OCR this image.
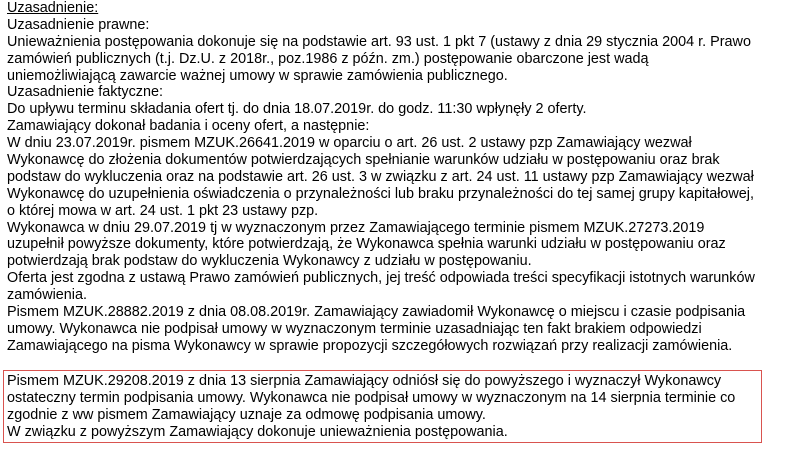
Uzasadnienie:
Uzasadnienie prawne:
Unieważnienia postępowania dokonuje się na podstawie art. 93 ust. 1 pkt 7 (ustawy z dnia 29 stycznia 2004 r. Prawo
zamówień publicznych (t.j. Dz.U. z 2018r., poz.1986 z późn. zm.) postępowanie obarczone jest wadą
uniemożliwiającą zawarcie ważnej umowy w sprawie zamówienia publicznego.
Uzasadnienie faktyczne:
Do upływu terminu składania ofert tj. do dnia 18.07.2019r. do godz. 11:30 wpłynęły 2 oferty.
Zamawiający dokonał badania i oceny ofert, a następnie:
W dniu 23.07.2019r. pismem MZUK.26641.2019 w oparciu o art. 26 ust. 2 ustawy pzp Zamawiający wezwał
Wykonawcę do złożenia dokumentów potwierdzających spełnianie warunków udziału w postępowaniu oraz brak
podstaw do wykluczenia oraz na podstawie art. 26 ust. 3 w związku z art. 24 ust. 11 ustawy pzp Zamawiający wezwał
Wykonawcę do uzupełnienia oświadczenia o przynależności lub braku przynależności do tej samej grupy kapitałowej,
o której mowa w art. 24 ust. 1 pkt 23 ustawy pzp.
Wykonawca w dniu 29.07.2019 tj w wyznaczonym przez Zamawiającego terminie pismem MZUK.27273.2019
uzupełnił powyższe dokumenty, które potwierdzają, że Wykonawca spełnia warunki udziału w postępowaniu oraz
potwierdzają brak podstaw do wykluczenia Wykonawcy z udziału w postępowaniu.
Oferta jest zgodna z ustawą Prawo zamówień publicznych, jej treść odpowiada treści specyfikacji istotnych warunków
zamówienia.
Pismem MZUK.28882.2019 z dnia 08.08.2019r. Zamawiający zawiadomił Wykonawcę o miejscu i czasie podpisania
umowy. Wykonawca nie podpisał umowy w wyznaczonym terminie uzasadniając ten fakt brakiem odpowiedzi
Zamawiającego na pisma Wykonawcy w sprawie propozycji szczegółowych rozwiązań przy realizacji zamówienia.
Pismem MZUK.29208.2019 z dnia 13 sierpnia Zamawiający odniósł się do powyższego i wyznaczył Wykonawcy
ostateczny termin podpisania umowy. Wykonawca nie podpisał umowy w wyznaczonym na 14 sierpnia terminie co
zgodnie z ww pismem Zamawiający uznaje za odmowę podpisania umowy.
W związku z powyższym Zamawiający dokonuje unieważnienia postępowania.
